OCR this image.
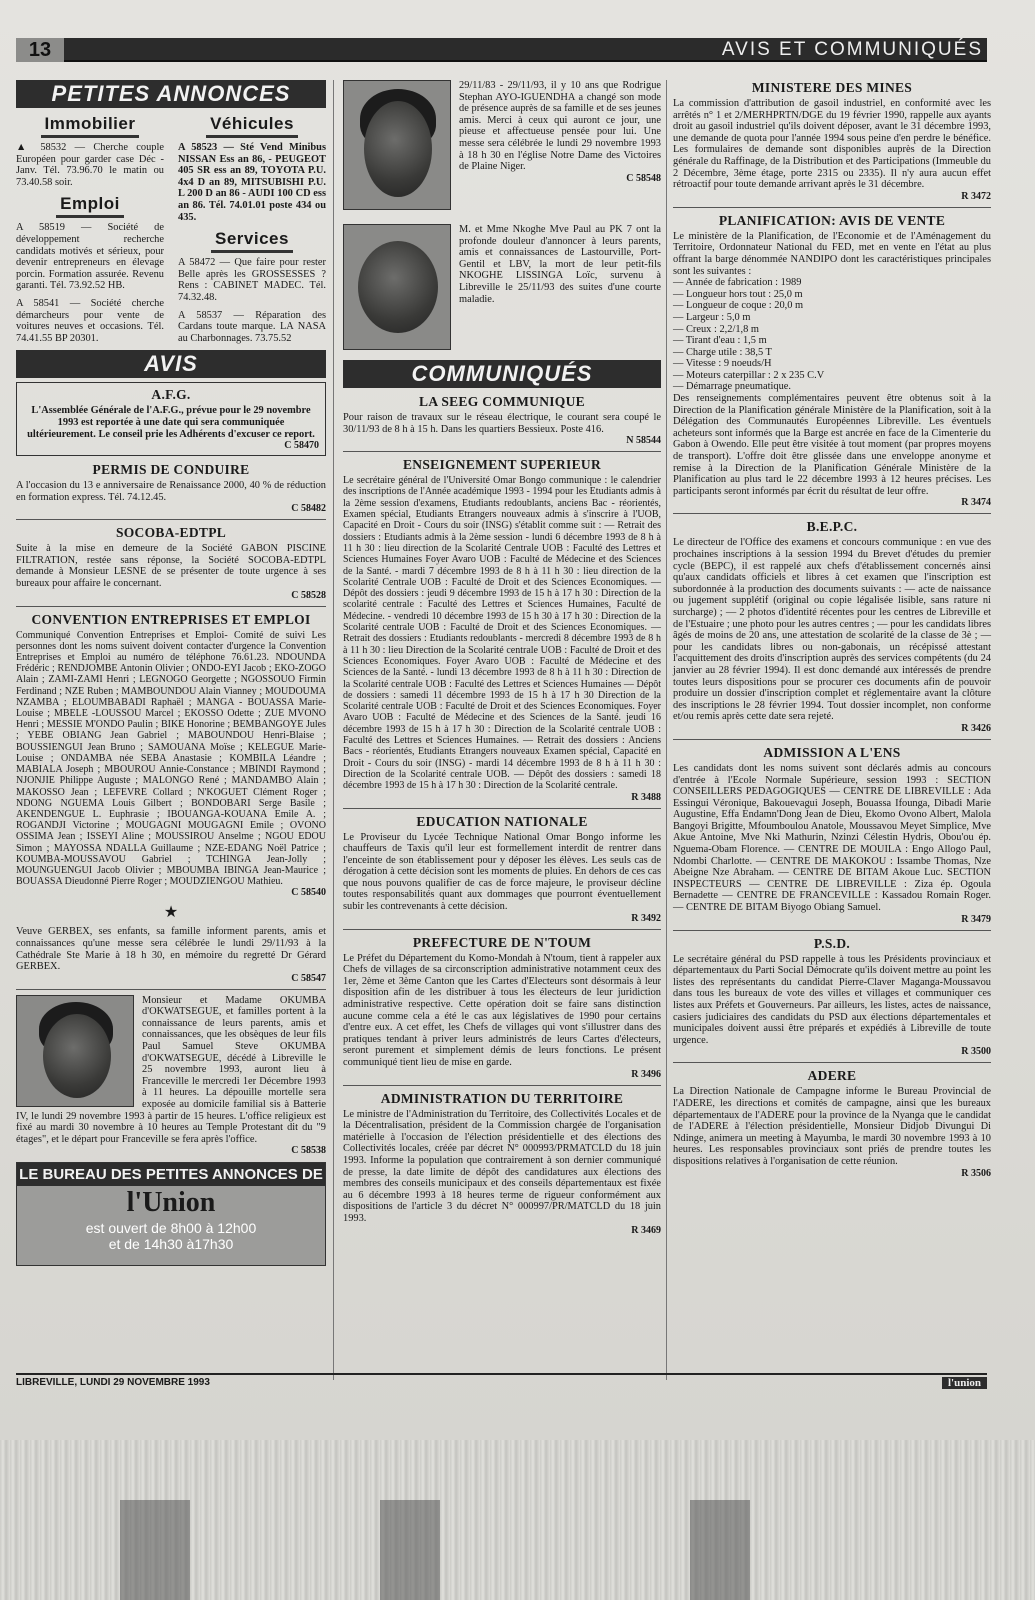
13	AVIS ET COMMUNIQUÉS
PETITES ANNONCES
Immobilier

▲ 58532 — Cherche couple Européen pour garder case Déc -Janv. Tél. 73.96.70 le matin ou 73.40.58 soir.

Emploi

A 58519 — Société de développement recherche candidats motivés et sérieux, pour devenir entrepreneurs en élevage porcin. Formation assurée. Revenu garanti. Tél. 73.92.52 HB.

A 58541 — Société cherche démarcheurs pour vente de voitures neuves et occasions. Tél. 74.41.55 BP 20301.

Véhicules

A 58523 — Sté Vend Minibus NISSAN Ess an 86, - PEUGEOT 405 SR ess an 89, TOYOTA P.U. 4x4 D an 89, MITSUBISHI P.U. L 200 D an 86 - AUDI 100 CD ess an 86. Tél. 74.01.01 poste 434 ou 435.

Services

A 58472 — Que faire pour rester Belle après les GROSSESSES ? Rens : CABINET MADEC. Tél. 74.32.48.

A 58537 — Réparation des Cardans toute marque. LA NASA au Charbonnages. 73.75.52

AVIS
A.F.G.

L'Assemblée Générale de l'A.F.G., prévue pour le 29 novembre 1993 est reportée à une date qui sera communiquée ultérieurement. Le conseil prie les Adhérents d'excuser ce report.

C 58470
PERMIS DE CONDUIRE

A l'occasion du 13 e anniversaire de Renaissance 2000, 40 % de réduction en formation express. Tél. 74.12.45.

C 58482
SOCOBA-EDTPL

Suite à la mise en demeure de la Société GABON PISCINE FILTRATION, restée sans réponse, la Société SOCOBA-EDTPL demande à Monsieur LESNE de se présenter de toute urgence à ses bureaux pour affaire le concernant.

C 58528
CONVENTION ENTREPRISES ET EMPLOI

Communiqué Convention Entreprises et Emploi- Comité de suivi Les personnes dont les noms suivent doivent contacter d'urgence la Convention Entreprises et Emploi au numéro de téléphone 76.61.23. NDOUNDA Frédéric ; RENDJOMBE Antonin Olivier ; ONDO-EYI Jacob ; EKO-ZOGO Alain ; ZAMI-ZAMI Henri ; LEGNOGO Georgette ; NGOSSOUO Firmin Ferdinand ; NZE Ruben ; MAMBOUNDOU Alain Vianney ; MOUDOUMA NZAMBA ; ELOUMBABADI Raphaël ; MANGA - BOUASSA Marie- Louise ; MBELE -LOUSSOU Marcel ; EKOSSO Odette ; ZUE MVONO Henri ; MESSIE M'ONDO Paulin ; BIKE Honorine ; BEMBANGOYE Jules ; YEBE OBIANG Jean Gabriel ; MABOUNDOU Henri-Blaise ; BOUSSIENGUI Jean Bruno ; SAMOUANA Moïse ; KELEGUE Marie-Louise ; ONDAMBA née SEBA Anastasie ; KOMBILA Léandre ; MABIALA Joseph ; MBOUROU Annie-Constance ; MBINDI Raymond ; NJONJIE Philippe Auguste ; MALONGO René ; MANDAMBO Alain ; MAKOSSO Jean ; LEFEVRE Collard ; N'KOGUET Clément Roger ; NDONG NGUEMA Louis Gilbert ; BONDOBARI Serge Basile ; AKENDENGUE L. Euphrasie ; IBOUANGA-KOUANA Emile A. ; ROGANDJI Victorine ; MOUGAGNI MOUGAGNI Emile ; OVONO OSSIMA Jean ; ISSEYI Aline ; MOUSSIROU Anselme ; NGOU EDOU Simon ; MAYOSSA NDALLA Guillaume ; NZE-EDANG Noël Patrice ; KOUMBA-MOUSSAVOU Gabriel ; TCHINGA Jean-Jolly ; MOUNGUENGUI Jacob Olivier ; MBOUMBA IBINGA Jean-Maurice ; BOUASSA Dieudonné Pierre Roger ; MOUDZIENGOU Mathieu.

C 58540
★

Veuve GERBEX, ses enfants, sa famille informent parents, amis et connaissances qu'une messe sera célébrée le lundi 29/11/93 à la Cathédrale Ste Marie à 18 h 30, en mémoire du regretté Dr Gérard GERBEX.

C 58547

Monsieur et Madame OKUMBA d'OKWATSEGUE, et familles portent à la connaissance de leurs parents, amis et connaissances, que les obsèques de leur fils Paul Samuel Steve OKUMBA d'OKWATSEGUE, décédé à Libreville le 25 novembre 1993, auront lieu à Franceville le mercredi 1er Décembre 1993 à 11 heures. La dépouille mortelle sera exposée au domicile familial sis à Batterie IV, le lundi 29 novembre 1993 à partir de 15 heures. L'office religieux est fixé au mardi 30 novembre à 10 heures au Temple Protestant dit du "9 étages", et le départ pour Franceville se fera après l'office.

C 58538
LE BUREAU DES PETITES ANNONCES DE
l'Union
est ouvert de 8h00 à 12h00
et de 14h30 à17h30

29/11/83 - 29/11/93, il y 10 ans que Rodrigue Stephan AYO-IGUENDHA a changé son mode de présence auprès de sa famille et de ses jeunes amis. Merci à ceux qui auront ce jour, une pieuse et affectueuse pensée pour lui. Une messe sera célébrée le lundi 29 novembre 1993 à 18 h 30 en l'église Notre Dame des Victoires de Plaine Niger.

C 58548

M. et Mme Nkoghe Mve Paul au PK 7 ont la profonde douleur d'annoncer à leurs parents, amis et connaissances de Lastourville, Port-Gentil et LBV, la mort de leur petit-fils NKOGHE LISSINGA Loïc, survenu à Libreville le 25/11/93 des suites d'une courte maladie.

COMMUNIQUÉS
LA SEEG COMMUNIQUE

Pour raison de travaux sur le réseau électrique, le courant sera coupé le 30/11/93 de 8 h à 15 h. Dans les quartiers Bessieux. Poste 416.

N 58544
ENSEIGNEMENT SUPERIEUR

Le secrétaire général de l'Université Omar Bongo communique : le calendrier des inscriptions de l'Année académique 1993 - 1994 pour les Etudiants admis à la 2ème session d'examens, Etudiants redoublants, anciens Bac - réorientés, Examen spécial, Etudiants Etrangers nouveaux admis à s'inscrire à l'UOB, Capacité en Droit - Cours du soir (INSG) s'établit comme suit : — Retrait des dossiers : Etudiants admis à la 2ème session - lundi 6 décembre 1993 de 8 h à 11 h 30 : lieu direction de la Scolarité Centrale UOB : Faculté des Lettres et Sciences Humaines Foyer Avaro UOB : Faculté de Médecine et des Sciences de la Santé. - mardi 7 décembre 1993 de 8 h à 11 h 30 : lieu direction de la Scolarité Centrale UOB : Faculté de Droit et des Sciences Economiques. — Dépôt des dossiers : jeudi 9 décembre 1993 de 15 h à 17 h 30 : Direction de la scolarité centrale : Faculté des Lettres et Sciences Humaines, Faculté de Médecine. - vendredi 10 décembre 1993 de 15 h 30 à 17 h 30 : Direction de la Scolarité centrale UOB : Faculté de Droit et des Sciences Economiques. — Retrait des dossiers : Etudiants redoublants - mercredi 8 décembre 1993 de 8 h à 11 h 30 : lieu Direction de la Scolarité centrale UOB : Faculté de Droit et des Sciences Economiques. Foyer Avaro UOB : Faculté de Médecine et des Sciences de la Santé. - lundi 13 décembre 1993 de 8 h à 11 h 30 : Direction de la Scolarité centrale UOB : Faculté des Lettres et Sciences Humaines — Dépôt de dossiers : samedi 11 décembre 1993 de 15 h à 17 h 30 Direction de la Scolarité centrale UOB : Faculté de Droit et des Sciences Economiques. Foyer Avaro UOB : Faculté de Médecine et des Sciences de la Santé. jeudi 16 décembre 1993 de 15 h à 17 h 30 : Direction de la Scolarité centrale UOB : Faculté des Lettres et Sciences Humaines. — Retrait des dossiers : Anciens Bacs - réorientés, Etudiants Etrangers nouveaux Examen spécial, Capacité en Droit - Cours du soir (INSG) - mardi 14 décembre 1993 de 8 h à 11 h 30 : Direction de la Scolarité centrale UOB. — Dépôt des dossiers : samedi 18 décembre 1993 de 15 h à 17 h 30 : Direction de la Scolarité centrale.

R 3488
EDUCATION NATIONALE

Le Proviseur du Lycée Technique National Omar Bongo informe les chauffeurs de Taxis qu'il leur est formellement interdit de rentrer dans l'enceinte de son établissement pour y déposer les élèves. Les seuls cas de dérogation à cette décision sont les moments de pluies. En dehors de ces cas que nous pouvons qualifier de cas de force majeure, le proviseur décline toutes responsabilités quant aux dommages que pourront éventuellement subir les contrevenants à cette décision.

R 3492
PREFECTURE DE N'TOUM

Le Préfet du Département du Komo-Mondah à N'toum, tient à rappeler aux Chefs de villages de sa circonscription administrative notamment ceux des 1er, 2ème et 3ème Canton que les Cartes d'Electeurs sont désormais à leur disposition afin de les distribuer à tous les électeurs de leur juridiction administrative respective. Cette opération doit se faire sans distinction aucune comme cela a été le cas aux législatives de 1990 pour certains d'entre eux. A cet effet, les Chefs de villages qui vont s'illustrer dans des pratiques tendant à priver leurs administrés de leurs Cartes d'électeurs, seront purement et simplement démis de leurs fonctions. Le présent communiqué tient lieu de mise en garde.

R 3496
ADMINISTRATION DU TERRITOIRE

Le ministre de l'Administration du Territoire, des Collectivités Locales et de la Décentralisation, président de la Commission chargée de l'organisation matérielle à l'occasion de l'élection présidentielle et des élections des Collectivités locales, créée par décret N° 000993/PRMATCLD du 18 juin 1993. Informe la population que contrairement à son dernier communiqué de presse, la date limite de dépôt des candidatures aux élections des membres des conseils municipaux et des conseils départementaux est fixée au 6 décembre 1993 à 18 heures terme de rigueur conformément aux dispositions de l'article 3 du décret N° 000997/PR/MATCLD du 18 juin 1993.

R 3469
MINISTERE DES MINES

La commission d'attribution de gasoil industriel, en conformité avec les arrêtés n° 1 et 2/MERHPRTN/DGE du 19 février 1990, rappelle aux ayants droit au gasoil industriel qu'ils doivent déposer, avant le 31 décembre 1993, une demande de quota pour l'année 1994 sous peine d'en perdre le bénéfice. Les formulaires de demande sont disponibles auprès de la Direction générale du Raffinage, de la Distribution et des Participations (Immeuble du 2 Décembre, 3ème étage, porte 2315 ou 2335). Il n'y aura aucun effet rétroactif pour toute demande arrivant après le 31 décembre.

R 3472
PLANIFICATION: AVIS DE VENTE

Le ministère de la Planification, de l'Economie et de l'Aménagement du Territoire, Ordonnateur National du FED, met en vente en l'état au plus offrant la barge dénommée NANDIPO dont les caractéristiques principales sont les suivantes :

— Année de fabrication : 1989
— Longueur hors tout : 25,0 m
— Longueur de coque : 20,0 m
— Largeur : 5,0 m
— Creux : 2,2/1,8 m
— Tirant d'eau : 1,5 m
— Charge utile : 38,5 T
— Vitesse : 9 noeuds/H
— Moteurs caterpillar : 2 x 235 C.V
— Démarrage pneumatique.

Des renseignements complémentaires peuvent être obtenus soit à la Direction de la Planification générale Ministère de la Planification, soit à la Délégation des Communautés Européennes Libreville. Les éventuels acheteurs sont informés que la Barge est ancrée en face de la Cimenterie du Gabon à Owendo. Elle peut être visitée à tout moment (par propres moyens de transport). L'offre doit être glissée dans une enveloppe anonyme et remise à la Direction de la Planification Générale Ministère de la Planification au plus tard le 22 décembre 1993 à 12 heures précises. Les participants seront informés par écrit du résultat de leur offre.

R 3474
B.E.P.C.

Le directeur de l'Office des examens et concours communique : en vue des prochaines inscriptions à la session 1994 du Brevet d'études du premier cycle (BEPC), il est rappelé aux chefs d'établissement concernés ainsi qu'aux candidats officiels et libres à cet examen que l'inscription est subordonnée à la production des documents suivants : — acte de naissance ou jugement supplétif (original ou copie légalisée lisible, sans rature ni surcharge) ; — 2 photos d'identité récentes pour les centres de Libreville et de l'Estuaire ; une photo pour les autres centres ; — pour les candidats libres âgés de moins de 20 ans, une attestation de scolarité de la classe de 3è ; — pour les candidats libres ou non-gabonais, un récépissé attestant l'acquittement des droits d'inscription auprès des services compétents (du 24 janvier au 28 février 1994). Il est donc demandé aux intéressés de prendre toutes leurs dispositions pour se procurer ces documents afin de pouvoir produire un dossier d'inscription complet et réglementaire avant la clôture des inscriptions le 28 février 1994. Tout dossier incomplet, non conforme et/ou remis après cette date sera rejeté.

R 3426
ADMISSION A L'ENS

Les candidats dont les noms suivent sont déclarés admis au concours d'entrée à l'Ecole Normale Supérieure, session 1993 : SECTION CONSEILLERS PEDAGOGIQUES — CENTRE DE LIBREVILLE : Ada Essingui Véronique, Bakouevagui Joseph, Bouassa Ifounga, Dibadi Marie Augustine, Effa Endamn'Dong Jean de Dieu, Ekomo Ovono Albert, Malola Bangoyi Brigitte, Mfoumboulou Anatole, Moussavou Meyet Simplice, Mve Akue Antoine, Mve Nki Mathurin, Nzinzi Célestin Hydris, Obou'ou ép. Nguema-Obam Florence. — CENTRE DE MOUILA : Engo Allogo Paul, Ndombi Charlotte. — CENTRE DE MAKOKOU : Issambe Thomas, Nze Abeigne Nze Abraham. — CENTRE DE BITAM Akoue Luc. SECTION INSPECTEURS — CENTRE DE LIBREVILLE : Ziza ép. Ogoula Bernadette — CENTRE DE FRANCEVILLE : Kassadou Romain Roger. — CENTRE DE BITAM Biyogo Obiang Samuel.

R 3479
P.S.D.

Le secrétaire général du PSD rappelle à tous les Présidents provinciaux et départementaux du Parti Social Démocrate qu'ils doivent mettre au point les listes des représentants du candidat Pierre-Claver Maganga-Moussavou dans tous les bureaux de vote des villes et villages et communiquer ces listes aux Préfets et Gouverneurs. Par ailleurs, les listes, actes de naissance, casiers judiciaires des candidats du PSD aux élections départementales et municipales doivent aussi être préparés et expédiés à Libreville de toute urgence.

R 3500
ADERE

La Direction Nationale de Campagne informe le Bureau Provincial de l'ADERE, les directions et comités de campagne, ainsi que les bureaux départementaux de l'ADERE pour la province de la Nyanga que le candidat de l'ADERE à l'élection présidentielle, Monsieur Didjob Divungui Di Ndinge, animera un meeting à Mayumba, le mardi 30 novembre 1993 à 10 heures. Les responsables provinciaux sont priés de prendre toutes les dispositions relatives à l'organisation de cette réunion.

R 3506
LIBREVILLE, LUNDI 29 NOVEMBRE 1993	l'union
